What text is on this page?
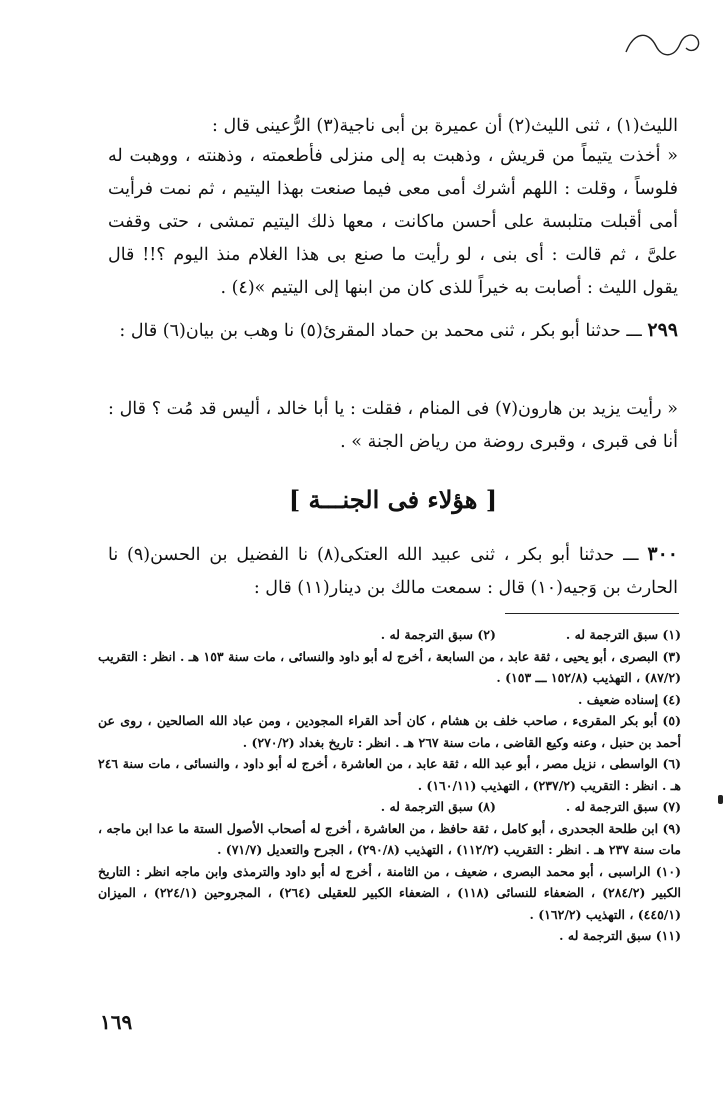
الليث(١) ، ثنى الليث(٢) أن عميرة بن أبى ناجية(٣) الرُّعينى قال :

« أخذت يتيماً من قريش ، وذهبت به إلى منزلى فأطعمته ، وذهنته ، ووهبت له فلوساً ، وقلت : اللهم أشرك أمى معى فيما صنعت بهذا اليتيم ، ثم نمت فرأيت أمى أقبلت متلبسة على أحسن ماكانت ، معها ذلك اليتيم تمشى ، حتى وقفت علىَّ ، ثم قالت : أى بنى ، لو رأيت ما صنع بى هذا الغلام منذ اليوم ؟!! قال يقول الليث : أصابت به خيراً للذى كان من ابنها إلى اليتيم »(٤) .

٢٩٩ ـــ حدثنا أبو بكر ، ثنى محمد بن حماد المقرئ(٥) نا وهب بن بيان(٦) قال :

« رأيت يزيد بن هارون(٧) فى المنام ، فقلت : يا أبا خالد ، أليس قد مُت ؟ قال : أنا فى قبرى ، وقبرى روضة من رياض الجنة » .

[ هؤلاء فى الجنـــة ]

٣٠٠ ـــ حدثنا أبو بكر ، ثنى عبيد الله العتكى(٨) نا الفضيل بن الحسن(٩) نا الحارث بن وَجيه(١٠) قال : سمعت مالك بن دينار(١١) قال :

(١) سبق الترجمة له .
(٢) سبق الترجمة له .

(٣) البصرى ، أبو يحيى ، ثقة عابد ، من السابعة ، أخرج له أبو داود والنسائى ، مات سنة ١٥٣ هـ . انظر : التقريب (٨٧/٢) ، التهذيب (١٥٢/٨ ـــ ١٥٣) .

(٤) إسناده ضعيف .

(٥) أبو بكر المقرىء ، صاحب خلف بن هشام ، كان أحد القراء المجودين ، ومن عباد الله الصالحين ، روى عن أحمد بن حنبل ، وعنه وكيع القاضى ، مات سنة ٢٦٧ هـ . انظر : تاريخ بغداد (٢٧٠/٢) .

(٦) الواسطى ، نزيل مصر ، أبو عبد الله ، ثقة عابد ، من العاشرة ، أخرج له أبو داود ، والنسائى ، مات سنة ٢٤٦ هـ . انظر : التقريب (٢٣٧/٢) ، التهذيب (١٦٠/١١) .

(٧) سبق الترجمة له .
(٨) سبق الترجمة له .

(٩) ابن طلحة الجحدرى ، أبو كامل ، ثقة حافظ ، من العاشرة ، أخرج له أصحاب الأصول الستة ما عدا ابن ماجه ، مات سنة ٢٣٧ هـ . انظر : التقريب (١١٢/٢) ، التهذيب (٢٩٠/٨) ، الجرح والتعديل (٧١/٧) .

(١٠) الراسبى ، أبو محمد البصرى ، ضعيف ، من الثامنة ، أخرج له أبو داود والترمذى وابن ماجه انظر : التاريخ الكبير (٢٨٤/٢) ، الضعفاء للنسائى (١١٨) ، الضعفاء الكبير للعقيلى (٢٦٤) ، المجروحين (٢٢٤/١) ، الميزان (٤٤٥/١) ، التهذيب (١٦٢/٢) .

(١١) سبق الترجمة له .

١٦٩
